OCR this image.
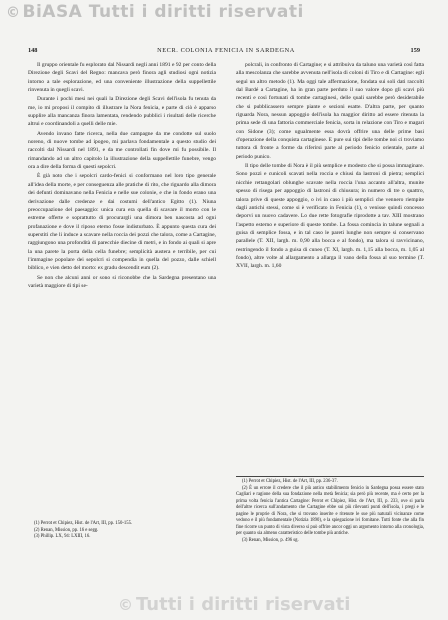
© BiASA Tutti i diritti riservati
148	NECR. COLONIA FENICIA IN SARDEGNA	159

Il gruppo orientale fu esplorato dal Nissardi negli anni 1891 e 92 per conto della Direzione degli Scavi del Regno: mancava però finora agli studiosi ogni notizia intorno a tale esplorazione, ed una conveniente illustrazione della suppellettile rinvenuta in quegli scavi.

Durante i pochi mesi nei quali la Direzione degli Scavi dell'isola fu tenuta da me, io mi proposi il compito di illustrare la Nora fenicia, e parte di ciò è apparso supplire alla mancanza finora lamentata, rendendo pubblici i risultati delle ricerche altrui e coordinandoli a quelli delle mie.

Avendo invano fatte ricerca, nella due campagne da me condotte sul suolo noreno, di nuove tombe ad ipogeo, mi parlava fondamentale a questo studio dei raccolti dal Nissardi nel 1891, e da me controllati fin dove mi fu possibile. Il rimandando ad un altro capitolo la illustrazione della suppellettile funebre, vengo ora a dire della forma di questi sepolcri.

È già noto che i sepolcri cardo-fenici si conformano nel loro tipo generale all'idea della morte, e per conseguenza alle pratiche di rito, che riguardo alla dimora dei defunti dominavano nella Fenicia e nelle sue colonie, e che in fondo erano una derivazione dalle credenze e dai costumi dell'antico Egitto (1). Niuna preoccupazione del paesaggio: unica cura era quella di scavare il morto con le estreme offerte e soprattutto di procurargli una dimora ben nascosta ad ogni profanazione e dove il riposo eterno fosse indisturbato. È appunto questa cura dei superstiti che li induce a scavare nella roccia dei pozzi che talora, come a Cartagine, raggiungono una profondità di parecchie diecine di metri, e in fondo ai quali si apre la una parete la porta della cella funebre; semplicità austera e terribile, per cui l'immagine popolare dei sepolcri si compendia in quella del pozzo, dalle schiell biblico, e vien detto del morto: ex gradu descendit eum (2).

Se non che alcuni anni or sono si riconobbe che la Sardegna presentano una varietà maggiore di tipi se-

(1) Perrot et Chipiez, Hist. de l'Art, III, pp. 150-155.

(2) Renan, Mission, pp. 16 e segg.

(3) Phillip. LX, 94: LXIII, 16.

polcrali, in confronto di Cartagine; e si attribuiva da taluno una varietà così fatta alla mescolanza che sarebbe avvenuta nell'isola di coloni di Tiro e di Cartagine: egli seguì un altro metodo (1). Ma oggi tale affermazione, fondata sui soli dati raccolti dal Bardé a Cartagine, ha in gran parte perduto il suo valore dopo gli scavi più recenti e così fortunati di tombe cartaginesi, delle quali sarebbe però desiderabile che si pubblicassero sempre piante e sezioni esatte. D'altra parte, per quanto riguarda Nora, nessun appoggio dell'isola ha maggior diritto ad essere ritenuta la prima sede di una fattoria commerciale fenicia, sorta in relazione con Tiro e magari con Sidone (3); come ugualmente essa dovrà offrire una delle prime basi d'operazione della conquista cartaginese. E pure sui tipi delle tombe noi ci troviamo tuttora di fronte a forme da riferirsi parte al periodo fenicio orientale, parte al periodo punico.

Il tipo delle tombe di Nora è il più semplice e modesto che si possa immaginare. Sono pozzi e cunicoli scavati nella roccia e chiusi da lastroni di pietra; semplici nicchie rettangolari oblunghe scavate nella roccia l'una accanto all'altra, munite spesso di risega per appoggio di lastroni di chiusura; in numero di tre o quattro, talora prive di queste appoggio, o ivi in caso i più semplici che vennero riempite dagli antichi stessi, come si è verificato in Fenicia (1), o venisse quindi concesso deporvi un nuovo cadavere. Lo due rette fotografie riprodotte a tav. XIII mostrano l'aspetto esterno e superiore di queste tombe. La fossa comincia in talune segnali a guisa di semplice fossa, e in tal caso le pareti lunghe non sempre si conservano parallele (T. XII, largh. m. 0,90 alla bocca e al fondo), ma talora si ravvicinano, restringendo il fondo a guisa di cuneo (T. XI, largh. m. 1,15 alla bocca, m. 1,05 al fondo), altre volte al allargamento a allarga il vano della fossa al suo termine (T. XVII, largh. m. 1,60

(1) Perrot et Chipiez, Hist. de l'Art, III, pp. 236-37.

(2) È un errore il credere che il più antico stabilimento fenicio in Sardegna possa essere stato Cagliari e ragione della sua fondazione nella metà fenicia; sia però più recente, ma è certo per la prima volta fenicia l'antica Cartagine: Perrot et Chipiez, Hist. de l'Art, III, p. 233, ove si parla dell'altre ricerca sull'andamento che Cartagine ebbe sui più rilevanti punti dell'isola, i pregi e le pagine le proprie di Nora, che si trovano inserite e ritenute le sue più naturali vicinanze come vedono e il più fondamentale (Notizia 1890), e la spiegazione ivi fornitane. Tutti fonte che alla fin fine ricorre un punto di vista diverso si può offrire ancor oggi un argomento intorno alla cronologia, per quanto sia almeno caratteristico delle tombe più antiche.

(3) Renan, Mission, p. 496 sg.

© Tutti i diritti riservati
